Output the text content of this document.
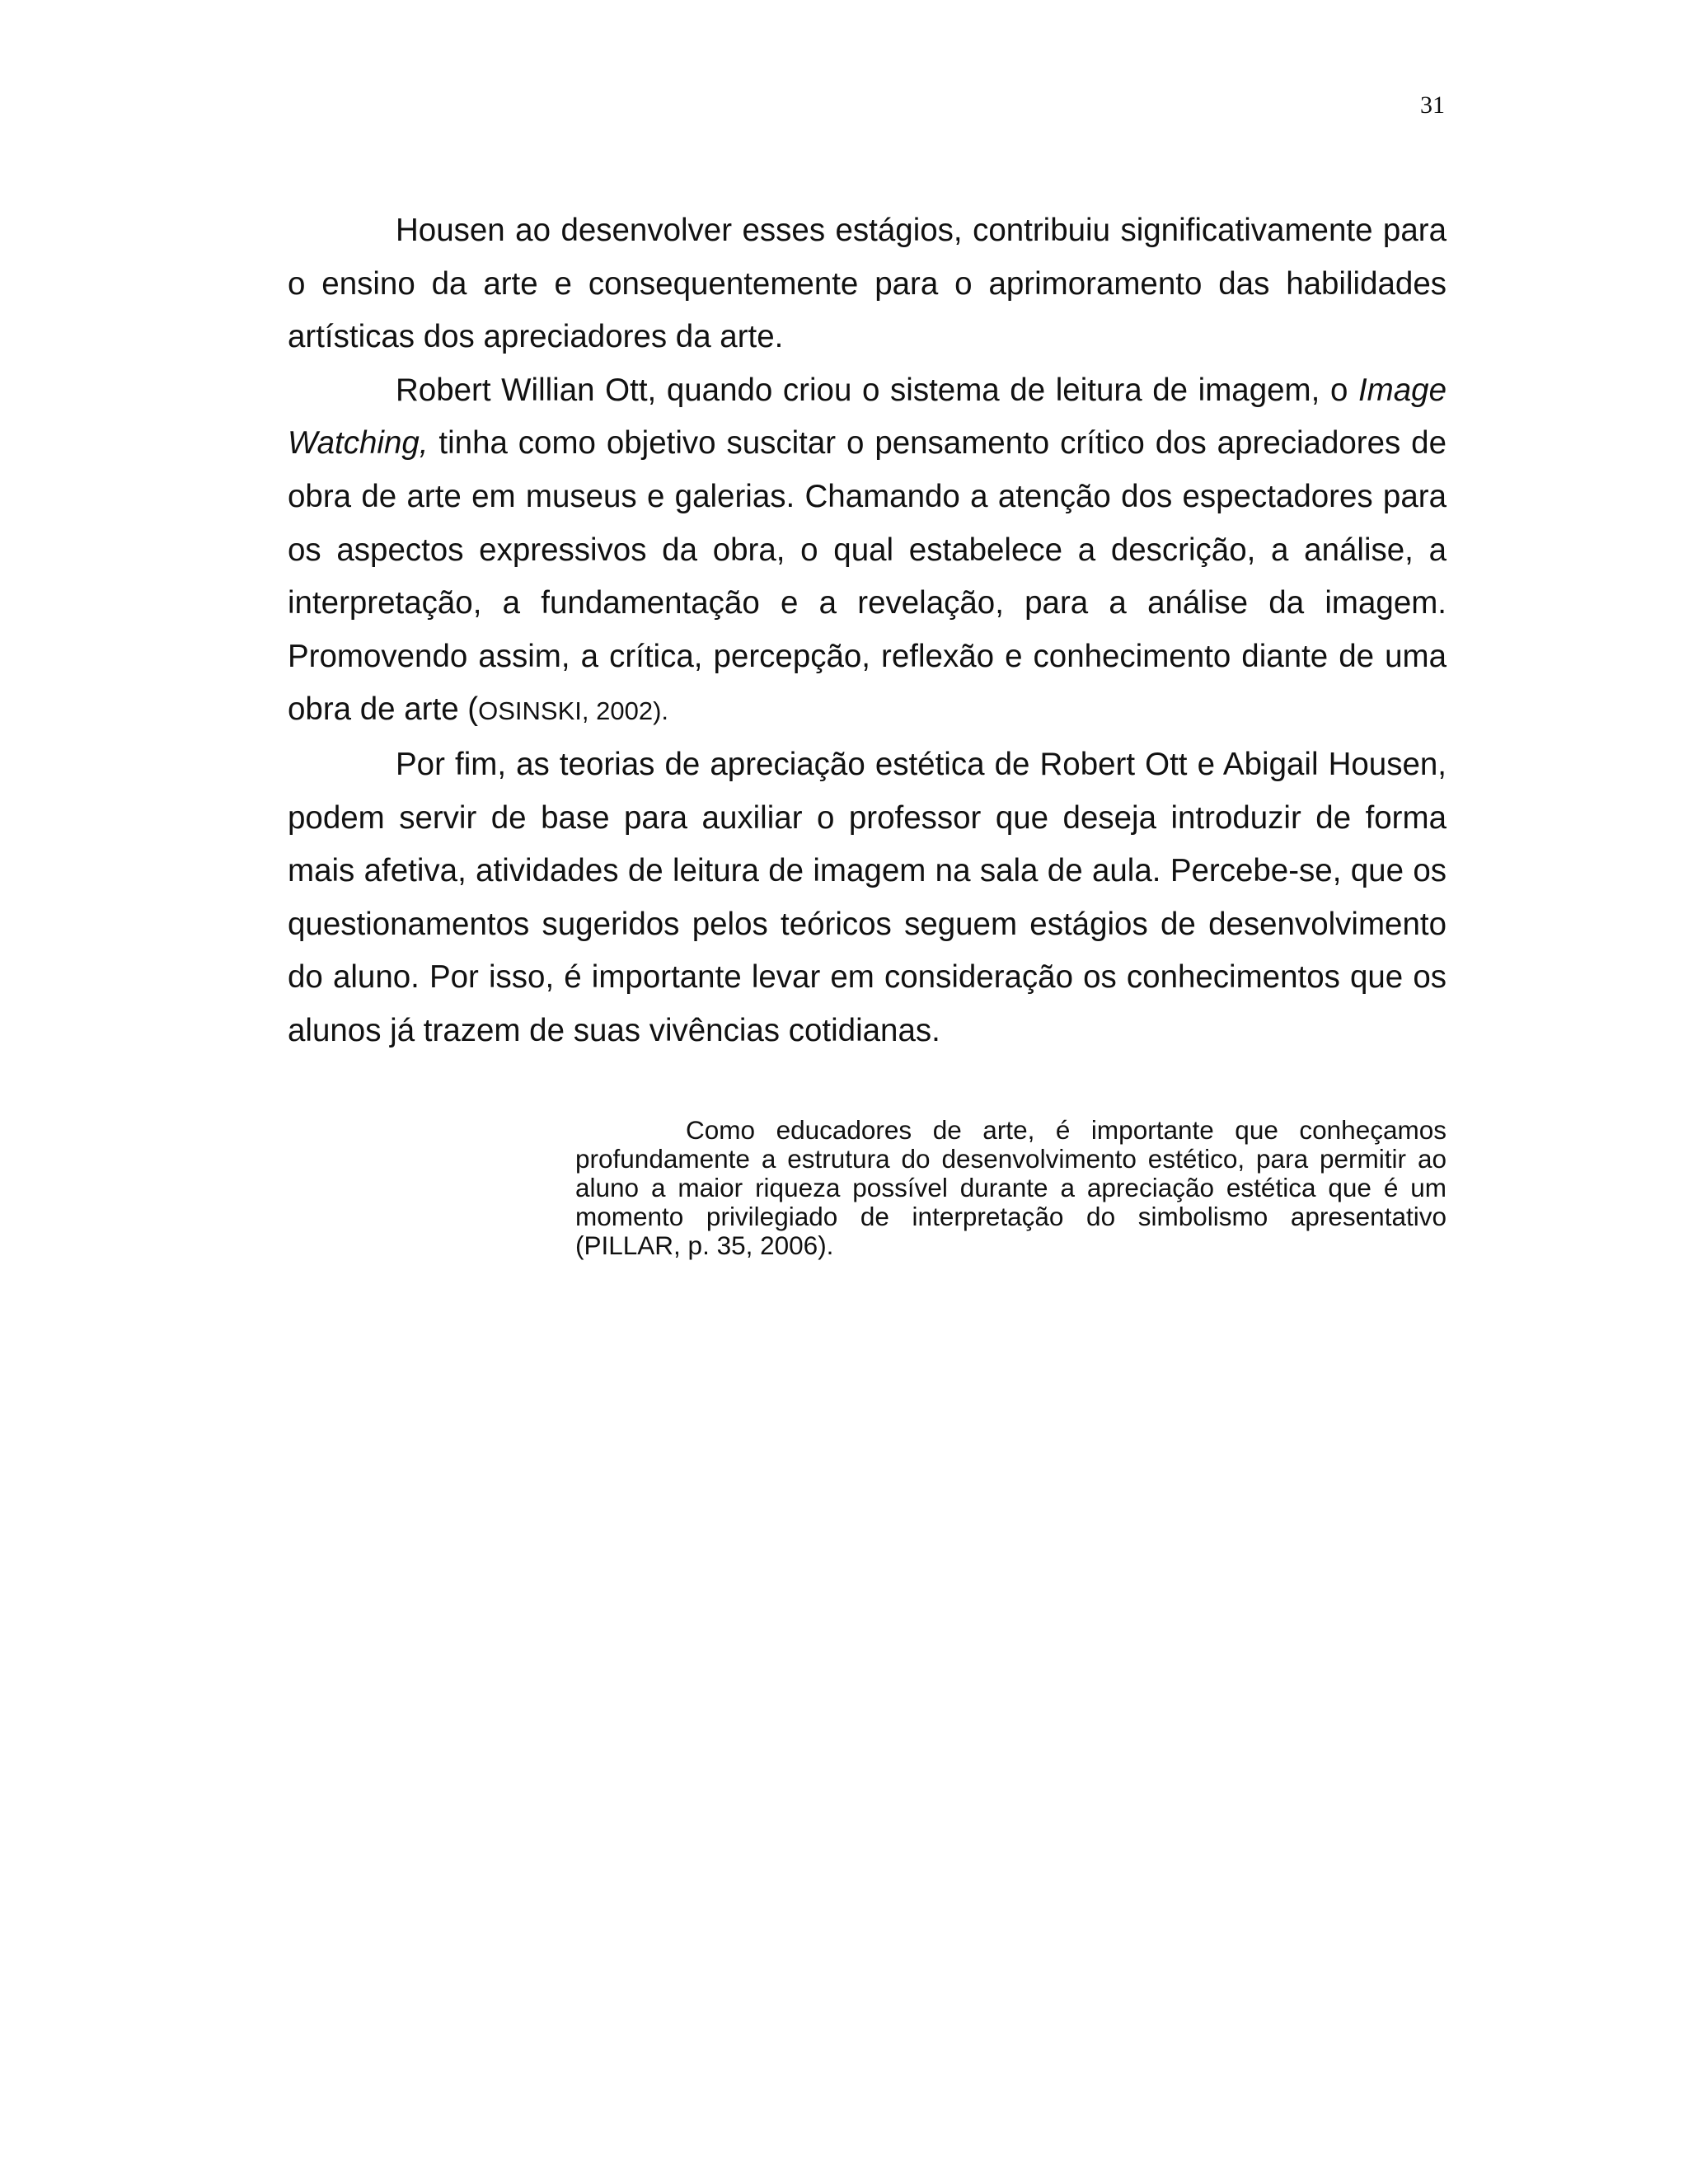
31

Housen ao desenvolver esses estágios, contribuiu significativamente para o ensino da arte e consequentemente para o aprimoramento das habilidades artísticas dos apreciadores da arte.

Robert Willian Ott, quando criou o sistema de leitura de imagem, o Image Watching, tinha como objetivo suscitar o pensamento crítico dos apreciadores de obra de arte em museus e galerias. Chamando a atenção dos espectadores para os aspectos expressivos da obra, o qual estabelece a descrição, a análise, a interpretação, a fundamentação e a revelação, para a análise da imagem. Promovendo assim, a crítica, percepção, reflexão e conhecimento diante de uma obra de arte (OSINSKI, 2002).

Por fim, as teorias de apreciação estética de Robert Ott e Abigail Housen, podem servir de base para auxiliar o professor que deseja introduzir de forma mais afetiva, atividades de leitura de imagem na sala de aula. Percebe-se, que os questionamentos sugeridos pelos teóricos seguem estágios de desenvolvimento do aluno. Por isso, é importante levar em consideração os conhecimentos que os alunos já trazem de suas vivências cotidianas.

Como educadores de arte, é importante que conheçamos profundamente a estrutura do desenvolvimento estético, para permitir ao aluno a maior riqueza possível durante a apreciação estética que é um momento privilegiado de interpretação do simbolismo apresentativo (PILLAR, p. 35, 2006).
